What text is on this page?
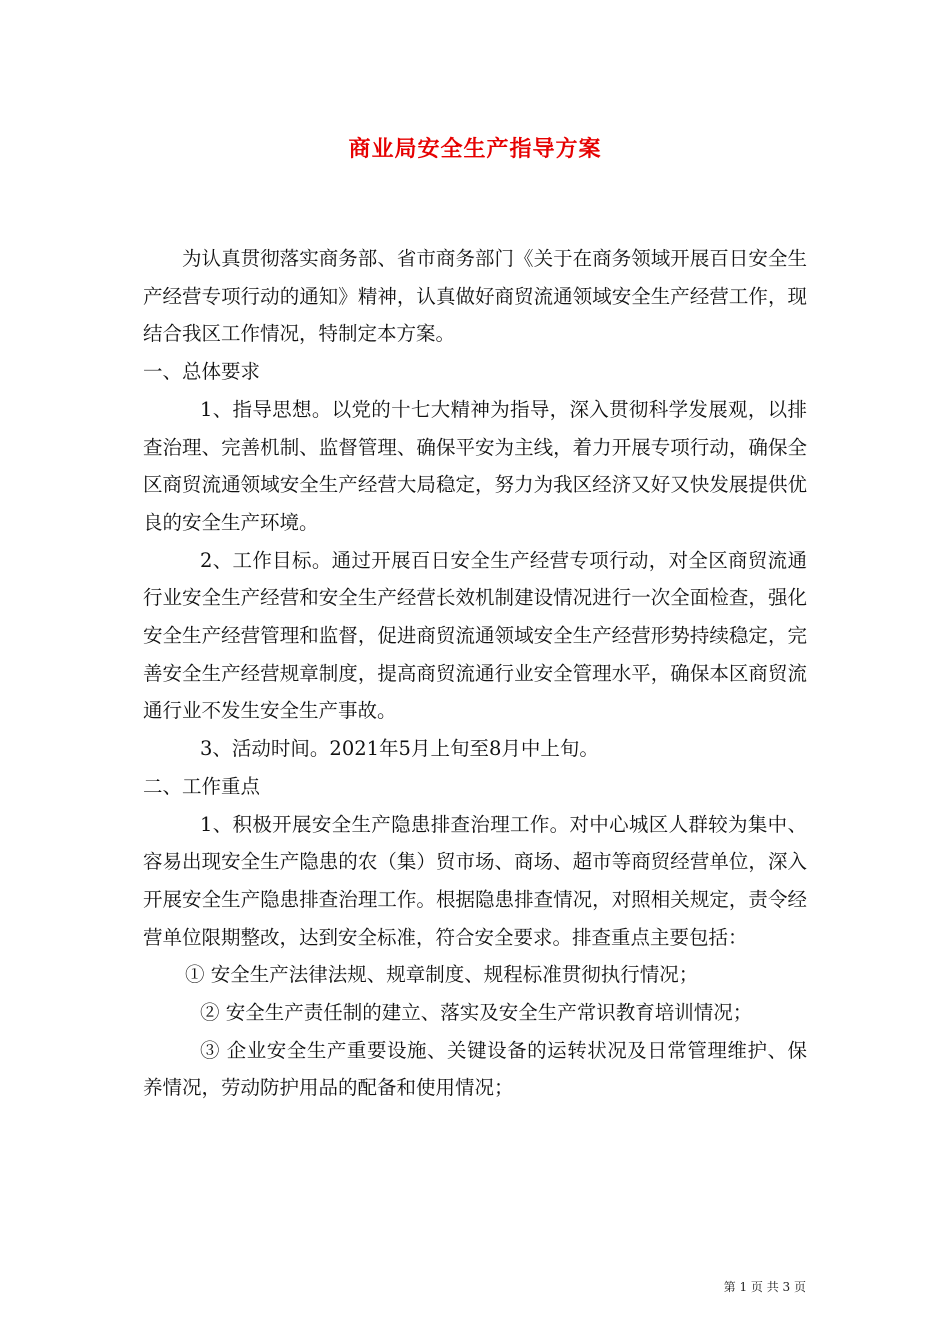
商业局安全生产指导方案

为认真贯彻落实商务部、省市商务部门《关于在商务领域开展百日安全生产经营专项行动的通知》精神，认真做好商贸流通领域安全生产经营工作，现结合我区工作情况，特制定本方案。

一、总体要求

1、指导思想。以党的十七大精神为指导，深入贯彻科学发展观，以排查治理、完善机制、监督管理、确保平安为主线，着力开展专项行动，确保全区商贸流通领域安全生产经营大局稳定，努力为我区经济又好又快发展提供优良的安全生产环境。

2、工作目标。通过开展百日安全生产经营专项行动，对全区商贸流通行业安全生产经营和安全生产经营长效机制建设情况进行一次全面检查，强化安全生产经营管理和监督，促进商贸流通领域安全生产经营形势持续稳定，完善安全生产经营规章制度，提高商贸流通行业安全管理水平，确保本区商贸流通行业不发生安全生产事故。

3、活动时间。2021年5月上旬至8月中上旬。

二、工作重点

1、积极开展安全生产隐患排查治理工作。对中心城区人群较为集中、容易出现安全生产隐患的农（集）贸市场、商场、超市等商贸经营单位，深入开展安全生产隐患排查治理工作。根据隐患排查情况，对照相关规定，责令经营单位限期整改，达到安全标准，符合安全要求。排查重点主要包括：

① 安全生产法律法规、规章制度、规程标准贯彻执行情况；

② 安全生产责任制的建立、落实及安全生产常识教育培训情况；

③ 企业安全生产重要设施、关键设备的运转状况及日常管理维护、保养情况，劳动防护用品的配备和使用情况；

第 1 页 共 3 页
